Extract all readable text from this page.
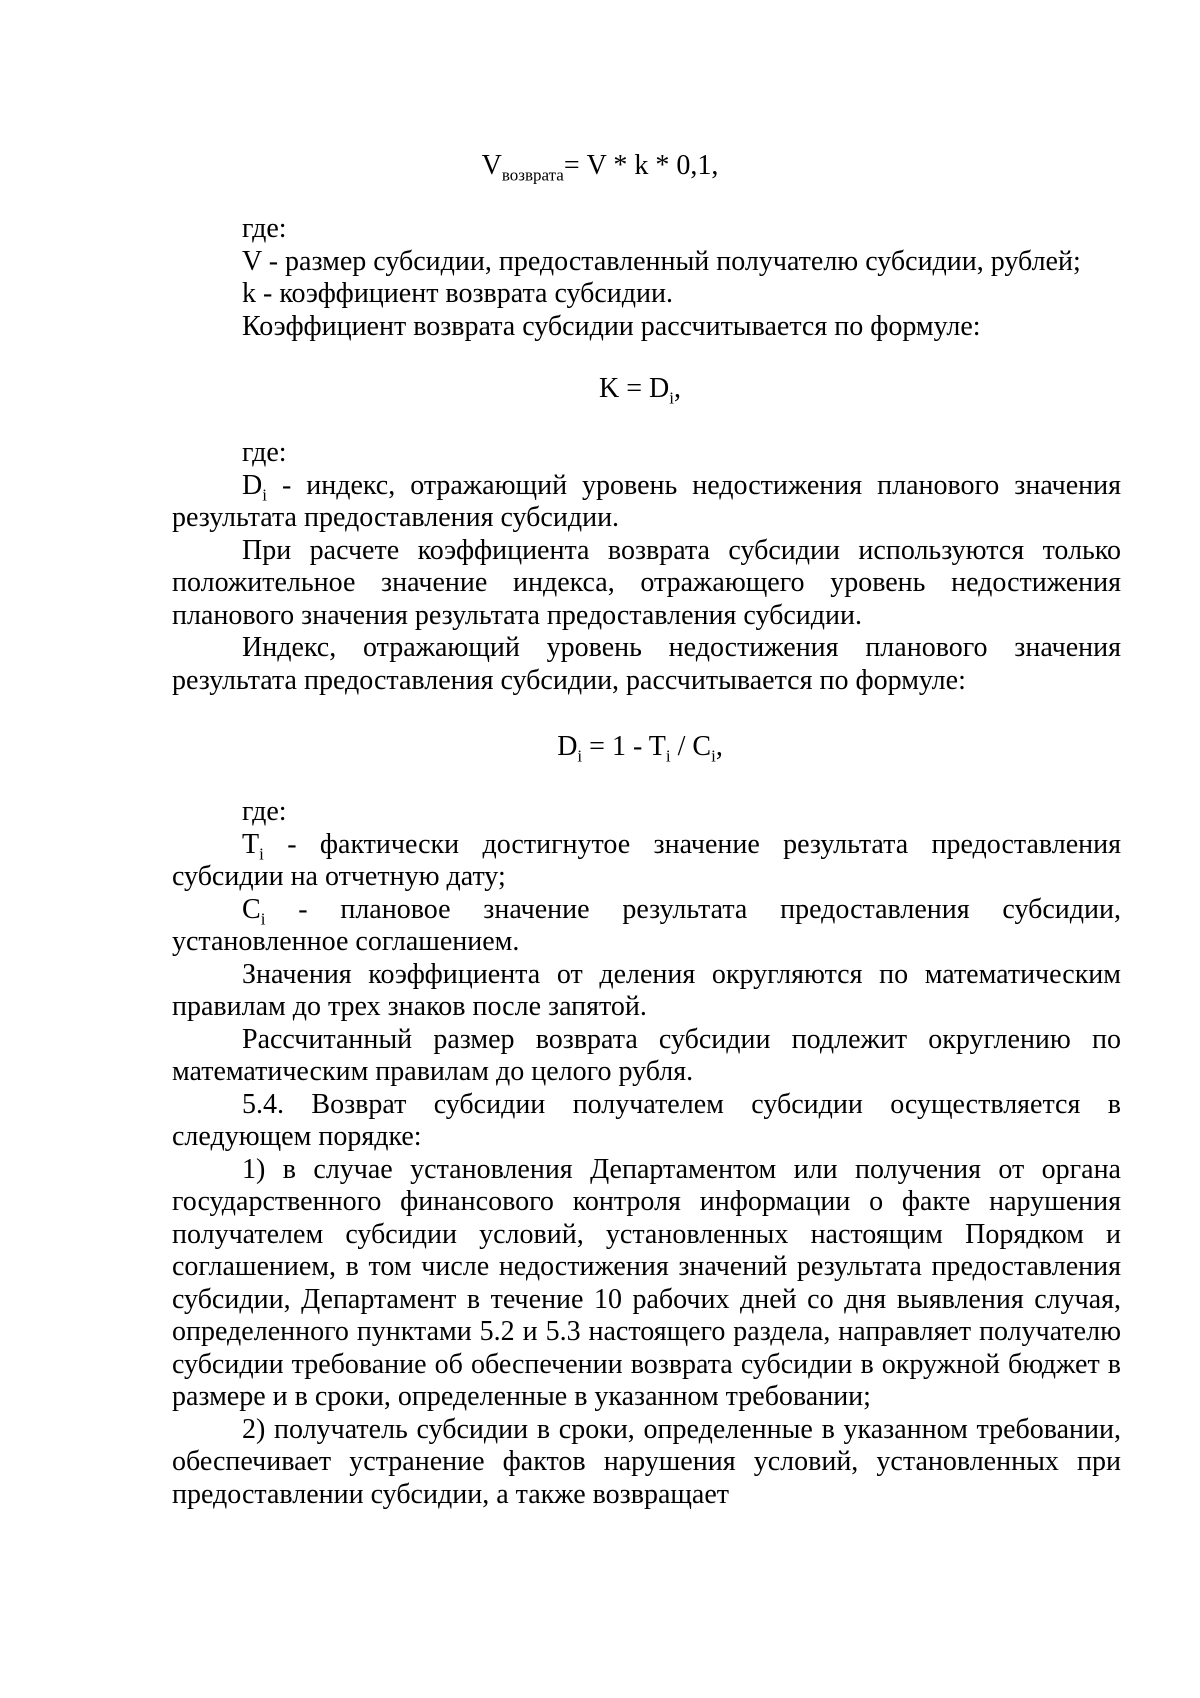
$V_{возврата}= V * k * 0,1$,

где:

V - размер субсидии, предоставленный получателю субсидии, рублей;

k - коэффициент возврата субсидии.

Коэффициент возврата субсидии рассчитывается по формуле:

$K = D_i$,

где:

$D_i$ - индекс, отражающий уровень недостижения планового значения результата предоставления субсидии.

При расчете коэффициента возврата субсидии используются только положительное значение индекса, отражающего уровень недостижения планового значения результата предоставления субсидии.

Индекс, отражающий уровень недостижения планового значения результата предоставления субсидии, рассчитывается по формуле:

$D_i = 1 - T_i / C_i$,

где:

$T_i$ - фактически достигнутое значение результата предоставления субсидии на отчетную дату;

$C_i$ - плановое значение результата предоставления субсидии, установленное соглашением.

Значения коэффициента от деления округляются по математическим правилам до трех знаков после запятой.

Рассчитанный размер возврата субсидии подлежит округлению по математическим правилам до целого рубля.

5.4. Возврат субсидии получателем субсидии осуществляется в следующем порядке:

1) в случае установления Департаментом или получения от органа государственного финансового контроля информации о факте нарушения получателем субсидии условий, установленных настоящим Порядком и соглашением, в том числе недостижения значений результата предоставления субсидии, Департамент в течение 10 рабочих дней со дня выявления случая, определенного пунктами 5.2 и 5.3 настоящего раздела, направляет получателю субсидии требование об обеспечении возврата субсидии в окружной бюджет в размере и в сроки, определенные в указанном требовании;

2) получатель субсидии в сроки, определенные в указанном требовании, обеспечивает устранение фактов нарушения условий, установленных при предоставлении субсидии, а также возвращает
